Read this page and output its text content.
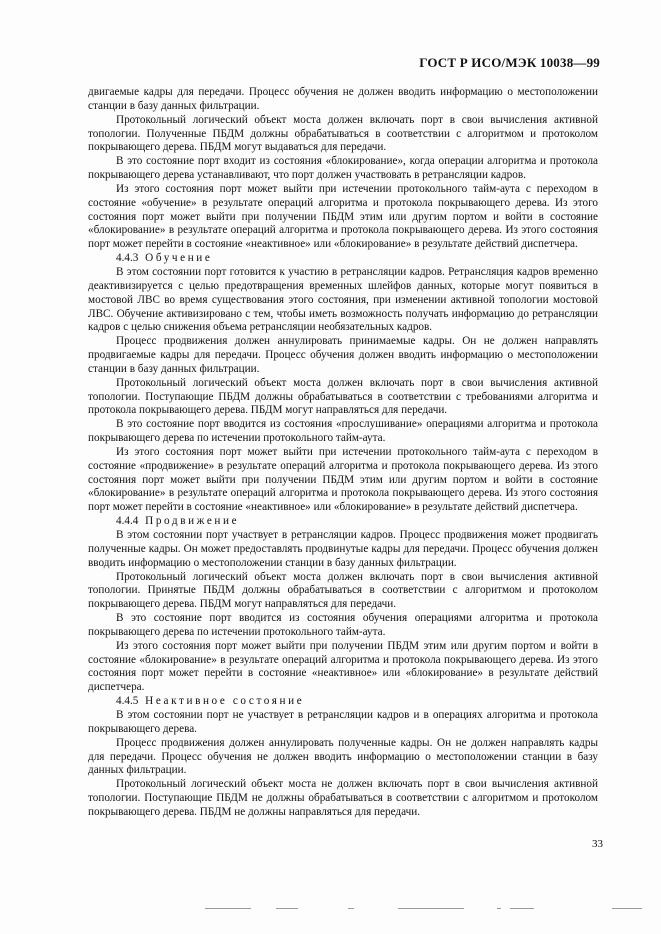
ГОСТ Р ИСО/МЭК 10038—99

двигаемые кадры для передачи. Процесс обучения не должен вводить информацию о местоположении станции в базу данных фильтрации.

Протокольный логический объект моста должен включать порт в свои вычисления активной топологии. Полученные ПБДМ должны обрабатываться в соответствии с алгоритмом и протоколом покрывающего дерева. ПБДМ могут выдаваться для передачи.

В это состояние порт входит из состояния «блокирование», когда операции алгоритма и протокола покрывающего дерева устанавливают, что порт должен участвовать в ретрансляции кадров.

Из этого состояния порт может выйти при истечении протокольного тайм-аута с переходом в состояние «обучение» в результате операций алгоритма и протокола покрывающего дерева. Из этого состояния порт может выйти при получении ПБДМ этим или другим портом и войти в состояние «блокирование» в результате операций алгоритма и протокола покрывающего дерева. Из этого состояния порт может перейти в состояние «неактивное» или «блокирование» в результате действий диспетчера.

4.4.3 Обучение

В этом состоянии порт готовится к участию в ретрансляции кадров. Ретрансляция кадров временно деактивизируется с целью предотвращения временных шлейфов данных, которые могут появиться в мостовой ЛВС во время существования этого состояния, при изменении активной топологии мостовой ЛВС. Обучение активизировано с тем, чтобы иметь возможность получать информацию до ретрансляции кадров с целью снижения объема ретрансляции необязательных кадров.

Процесс продвижения должен аннулировать принимаемые кадры. Он не должен направлять продвигаемые кадры для передачи. Процесс обучения должен вводить информацию о местоположении станции в базу данных фильтрации.

Протокольный логический объект моста должен включать порт в свои вычисления активной топологии. Поступающие ПБДМ должны обрабатываться в соответствии с требованиями алгоритма и протокола покрывающего дерева. ПБДМ могут направляться для передачи.

В это состояние порт вводится из состояния «прослушивание» операциями алгоритма и протокола покрывающего дерева по истечении протокольного тайм-аута.

Из этого состояния порт может выйти при истечении протокольного тайм-аута с переходом в состояние «продвижение» в результате операций алгоритма и протокола покрывающего дерева. Из этого состояния порт может выйти при получении ПБДМ этим или другим портом и войти в состояние «блокирование» в результате операций алгоритма и протокола покрывающего дерева. Из этого состояния порт может перейти в состояние «неактивное» или «блокирование» в результате действий диспетчера.

4.4.4 Продвижение

В этом состоянии порт участвует в ретрансляции кадров. Процесс продвижения может продвигать полученные кадры. Он может предоставлять продвинутые кадры для передачи. Процесс обучения должен вводить информацию о местоположении станции в базу данных фильтрации.

Протокольный логический объект моста должен включать порт в свои вычисления активной топологии. Принятые ПБДМ должны обрабатываться в соответствии с алгоритмом и протоколом покрывающего дерева. ПБДМ могут направляться для передачи.

В это состояние порт вводится из состояния обучения операциями алгоритма и протокола покрывающего дерева по истечении протокольного тайм-аута.

Из этого состояния порт может выйти при получении ПБДМ этим или другим портом и войти в состояние «блокирование» в результате операций алгоритма и протокола покрывающего дерева. Из этого состояния порт может перейти в состояние «неактивное» или «блокирование» в результате действий диспетчера.

4.4.5 Неактивное состояние

В этом состоянии порт не участвует в ретрансляции кадров и в операциях алгоритма и протокола покрывающего дерева.

Процесс продвижения должен аннулировать полученные кадры. Он не должен направлять кадры для передачи. Процесс обучения не должен вводить информацию о местоположении станции в базу данных фильтрации.

Протокольный логический объект моста не должен включать порт в свои вычисления активной топологии. Поступающие ПБДМ не должны обрабатываться в соответствии с алгоритмом и протоколом покрывающего дерева. ПБДМ не должны направляться для передачи.

33
